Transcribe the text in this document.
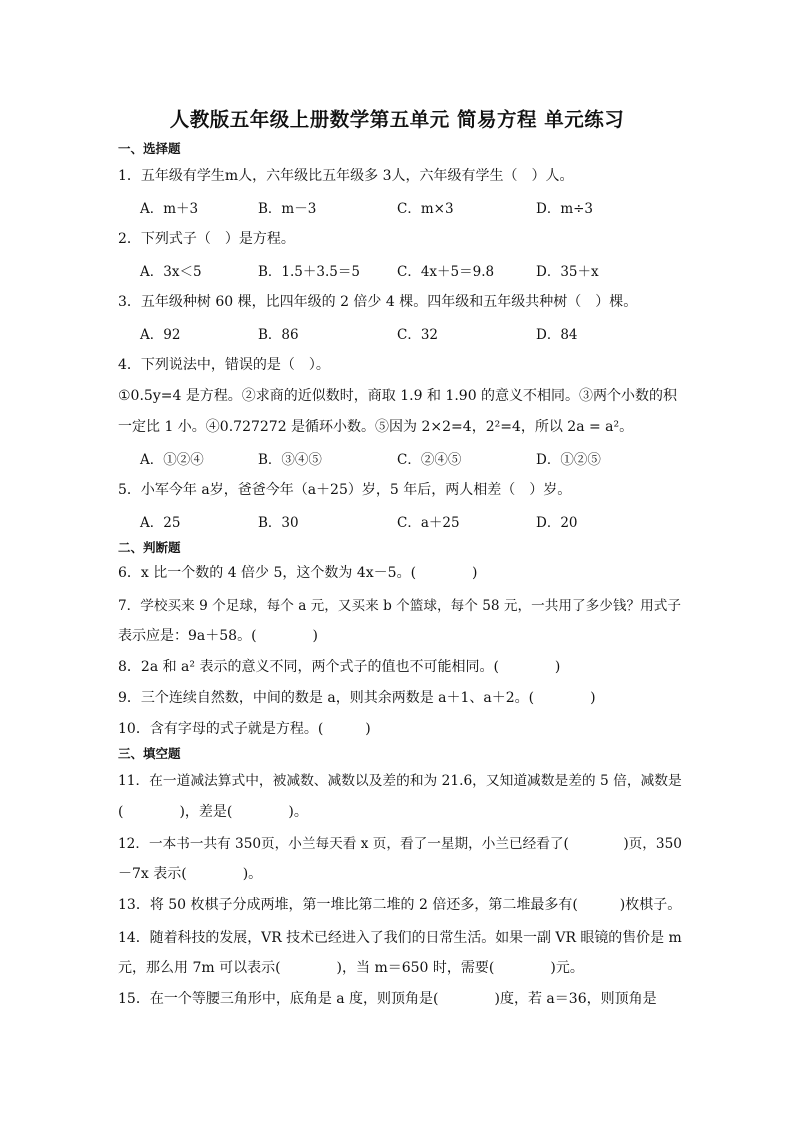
人教版五年级上册数学第五单元 简易方程 单元练习
一、选择题
1．五年级有学生m人，六年级比五年级多 3人，六年级有学生（　）人。
A．m＋3	B．m－3	C．m×3	D．m÷3
2．下列式子（　）是方程。
A．3x＜5	B．1.5＋3.5＝5	C．4x＋5＝9.8	D．35＋x
3．五年级种树 60 棵，比四年级的 2 倍少 4 棵。四年级和五年级共种树（　）棵。
A．92	B．86	C．32	D．84
4．下列说法中，错误的是（　）。
①0.5y=4 是方程。②求商的近似数时，商取 1.9 和 1.90 的意义不相同。③两个小数的积
一定比 1 小。④0.727272 是循环小数。⑤因为 2×2=4，2²=4，所以 2a = a²。
A．①②④	B．③④⑤	C．②④⑤	D．①②⑤
5．小军今年 a岁，爸爸今年（a＋25）岁，5 年后，两人相差（　）岁。
A．25	B．30	C．a＋25	D．20
二、判断题
6．x 比一个数的 4 倍少 5，这个数为 4x－5。(　　　　)
7．学校买来 9 个足球，每个 a 元，又买来 b 个篮球，每个 58 元，一共用了多少钱？用式子
表示应是：9a＋58。(　　　　)
8．2a 和 a² 表示的意义不同，两个式子的值也不可能相同。(　　　　)
9．三个连续自然数，中间的数是 a，则其余两数是 a＋1、a＋2。(　　　　)
10．含有字母的式子就是方程。(　　　)
三、填空题
11．在一道减法算式中，被减数、减数以及差的和为 21.6，又知道减数是差的 5 倍，减数是
(　　　　)，差是(　　　　)。
12．一本书一共有 350页，小兰每天看 x 页，看了一星期，小兰已经看了(　　　　)页，350
－7x 表示(　　　　)。
13．将 50 枚棋子分成两堆，第一堆比第二堆的 2 倍还多，第二堆最多有(　　　)枚棋子。
14．随着科技的发展，VR 技术已经进入了我们的日常生活。如果一副 VR 眼镜的售价是 m
元，那么用 7m 可以表示(　　　　)，当 m＝650 时，需要(　　　　)元。
15．在一个等腰三角形中，底角是 a 度，则顶角是(　　　　)度，若 a＝36，则顶角是
